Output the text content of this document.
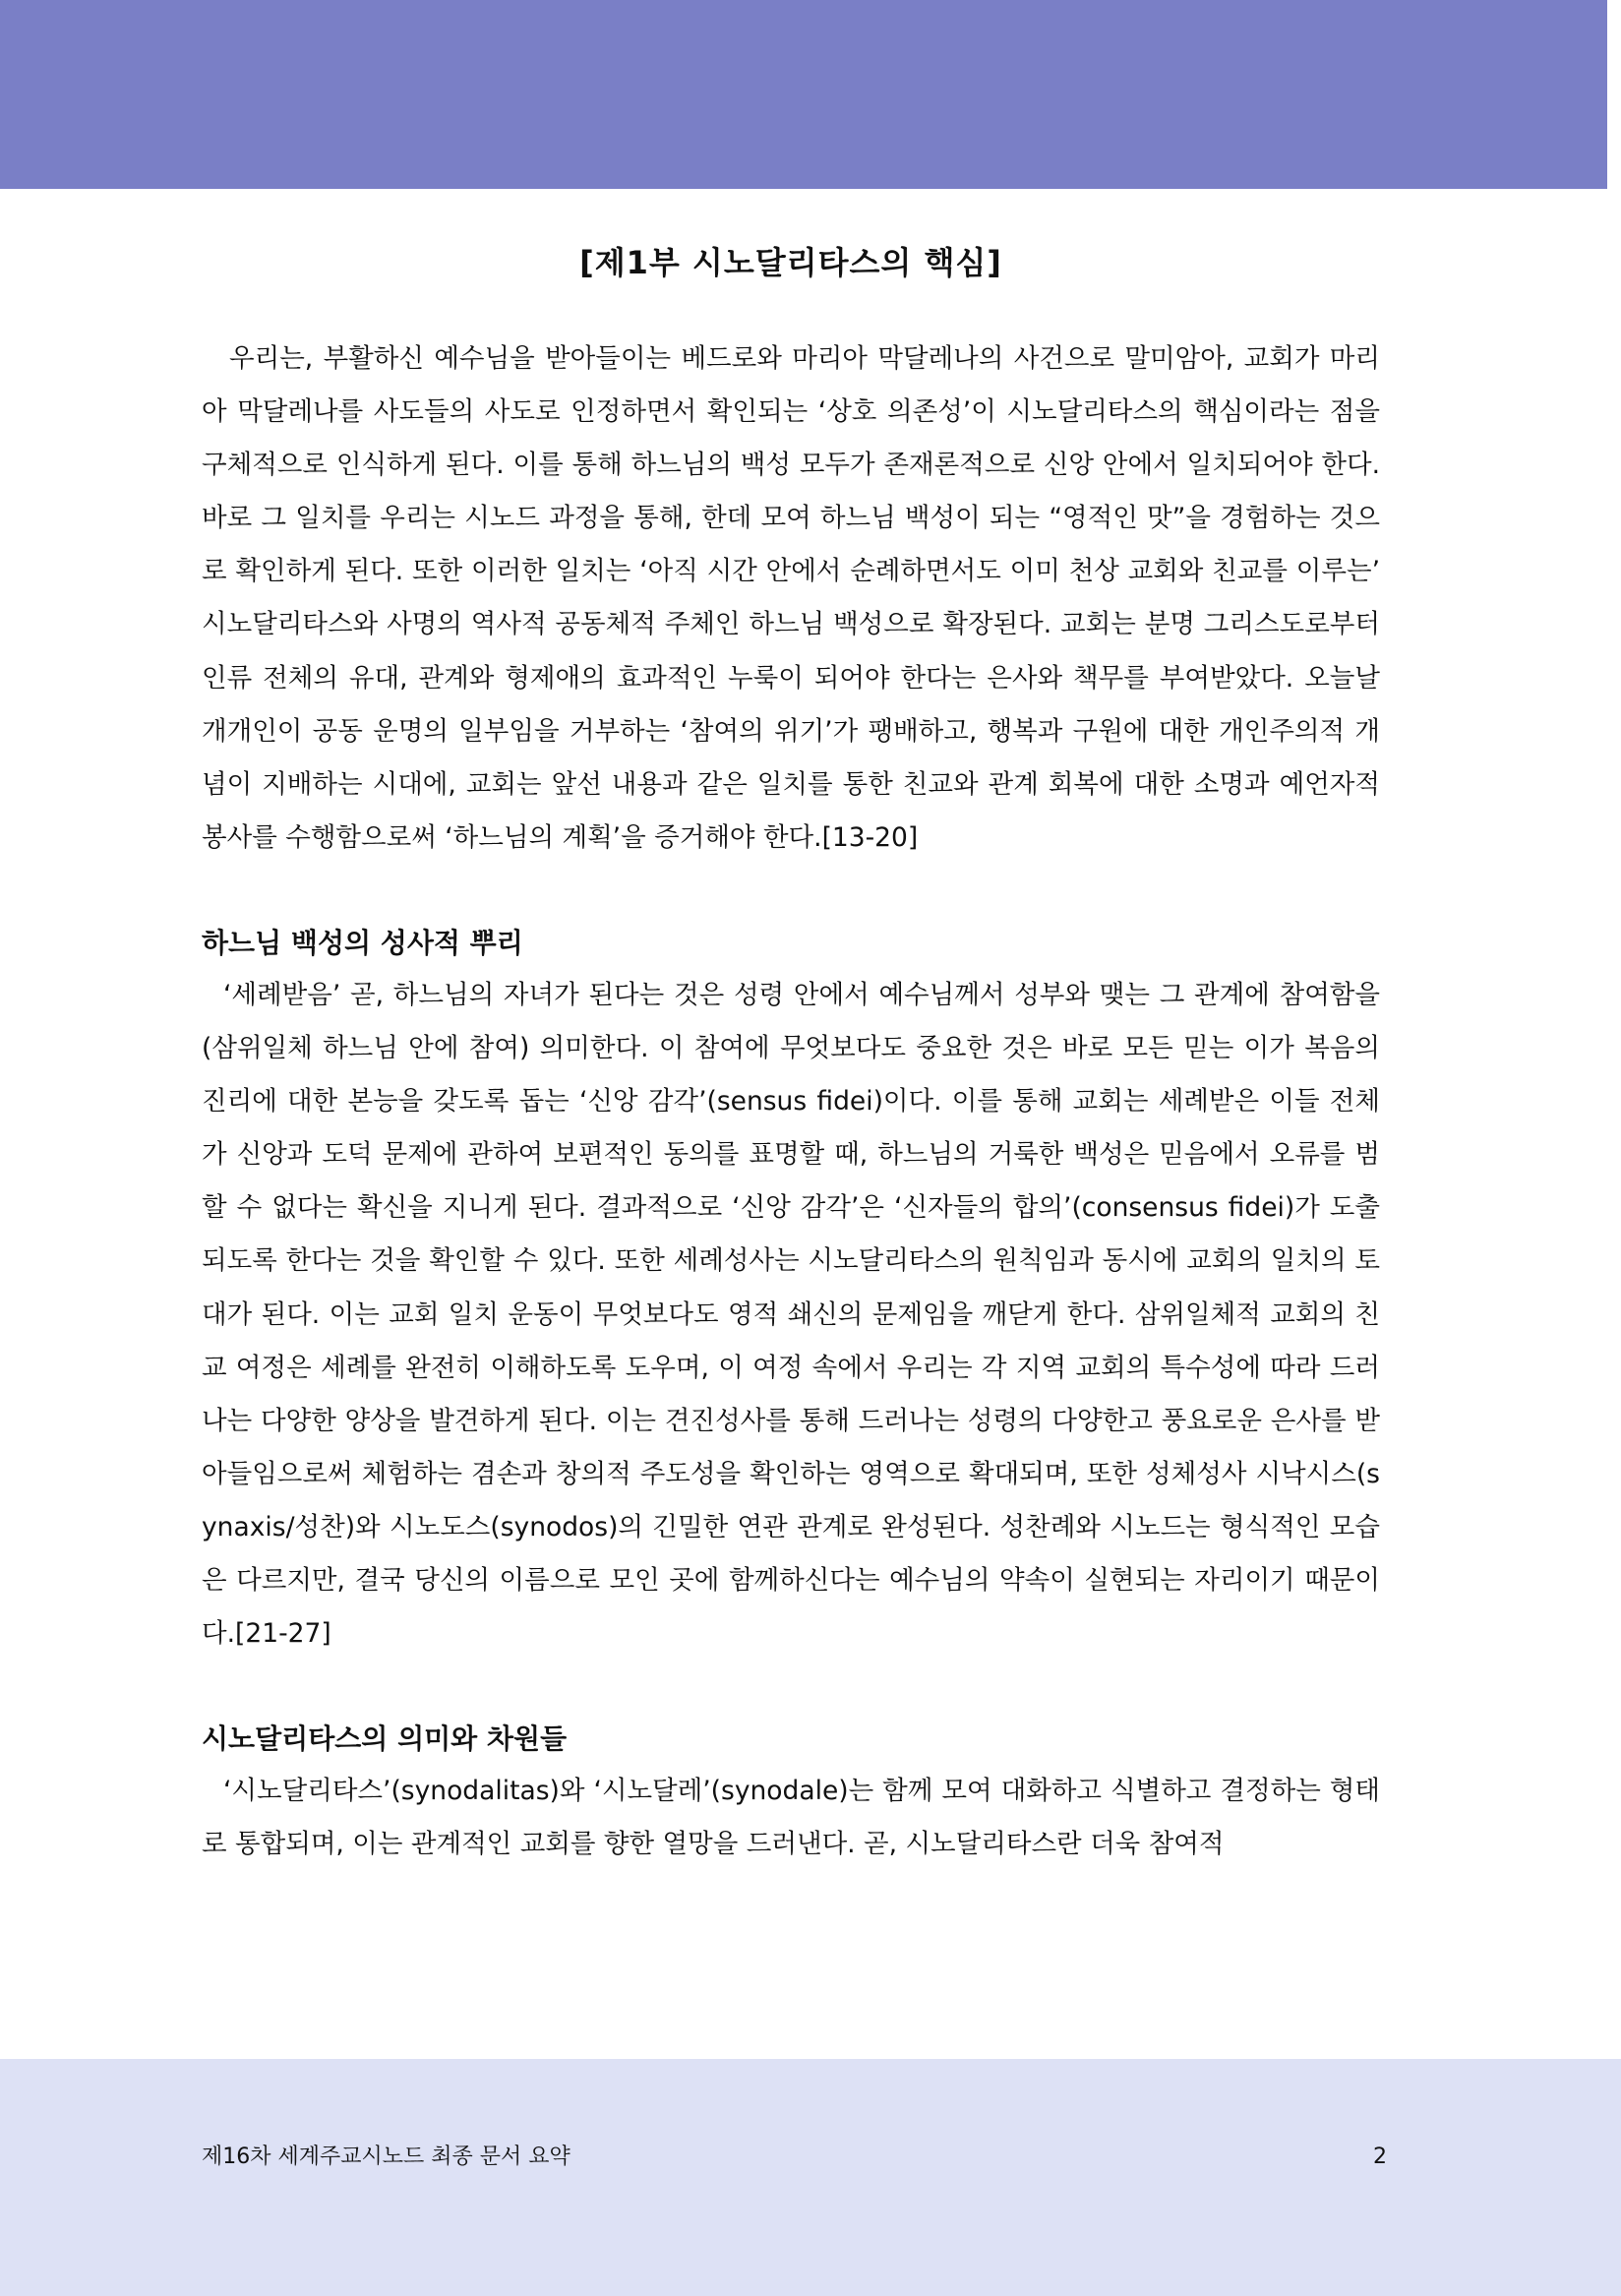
[제1부 시노달리타스의 핵심]

우리는, 부활하신 예수님을 받아들이는 베드로와 마리아 막달레나의 사건으로 말미암아, 교회가 마리아 막달레나를 사도들의 사도로 인정하면서 확인되는 ‘상호 의존성’이 시노달리타스의 핵심이라는 점을 구체적으로 인식하게 된다. 이를 통해 하느님의 백성 모두가 존재론적으로 신앙 안에서 일치되어야 한다. 바로 그 일치를 우리는 시노드 과정을 통해, 한데 모여 하느님 백성이 되는 “영적인 맛”을 경험하는 것으로 확인하게 된다. 또한 이러한 일치는 ‘아직 시간 안에서 순례하면서도 이미 천상 교회와 친교를 이루는’ 시노달리타스와 사명의 역사적 공동체적 주체인 하느님 백성으로 확장된다. 교회는 분명 그리스도로부터 인류 전체의 유대, 관계와 형제애의 효과적인 누룩이 되어야 한다는 은사와 책무를 부여받았다. 오늘날 개개인이 공동 운명의 일부임을 거부하는 ‘참여의 위기’가 팽배하고, 행복과 구원에 대한 개인주의적 개념이 지배하는 시대에, 교회는 앞선 내용과 같은 일치를 통한 친교와 관계 회복에 대한 소명과 예언자적 봉사를 수행함으로써 ‘하느님의 계획’을 증거해야 한다.[13-20]

하느님 백성의 성사적 뿌리

‘세례받음’ 곧, 하느님의 자녀가 된다는 것은 성령 안에서 예수님께서 성부와 맺는 그 관계에 참여함을(삼위일체 하느님 안에 참여) 의미한다. 이 참여에 무엇보다도 중요한 것은 바로 모든 믿는 이가 복음의 진리에 대한 본능을 갖도록 돕는 ‘신앙 감각’(sensus fidei)이다. 이를 통해 교회는 세례받은 이들 전체가 신앙과 도덕 문제에 관하여 보편적인 동의를 표명할 때, 하느님의 거룩한 백성은 믿음에서 오류를 범할 수 없다는 확신을 지니게 된다. 결과적으로 ‘신앙 감각’은 ‘신자들의 합의’(consensus fidei)가 도출되도록 한다는 것을 확인할 수 있다. 또한 세례성사는 시노달리타스의 원칙임과 동시에 교회의 일치의 토대가 된다. 이는 교회 일치 운동이 무엇보다도 영적 쇄신의 문제임을 깨닫게 한다. 삼위일체적 교회의 친교 여정은 세례를 완전히 이해하도록 도우며, 이 여정 속에서 우리는 각 지역 교회의 특수성에 따라 드러나는 다양한 양상을 발견하게 된다. 이는 견진성사를 통해 드러나는 성령의 다양한고 풍요로운 은사를 받아들임으로써 체험하는 겸손과 창의적 주도성을 확인하는 영역으로 확대되며, 또한 성체성사 시낙시스(synaxis/성찬)와 시노도스(synodos)의 긴밀한 연관 관계로 완성된다. 성찬례와 시노드는 형식적인 모습은 다르지만, 결국 당신의 이름으로 모인 곳에 함께하신다는 예수님의 약속이 실현되는 자리이기 때문이다.[21-27]

시노달리타스의 의미와 차원들

‘시노달리타스’(synodalitas)와 ‘시노달레’(synodale)는 함께 모여 대화하고 식별하고 결정하는 형태로 통합되며, 이는 관계적인 교회를 향한 열망을 드러낸다. 곧, 시노달리타스란 더욱 참여적

제16차 세계주교시노드 최종 문서 요약	2
